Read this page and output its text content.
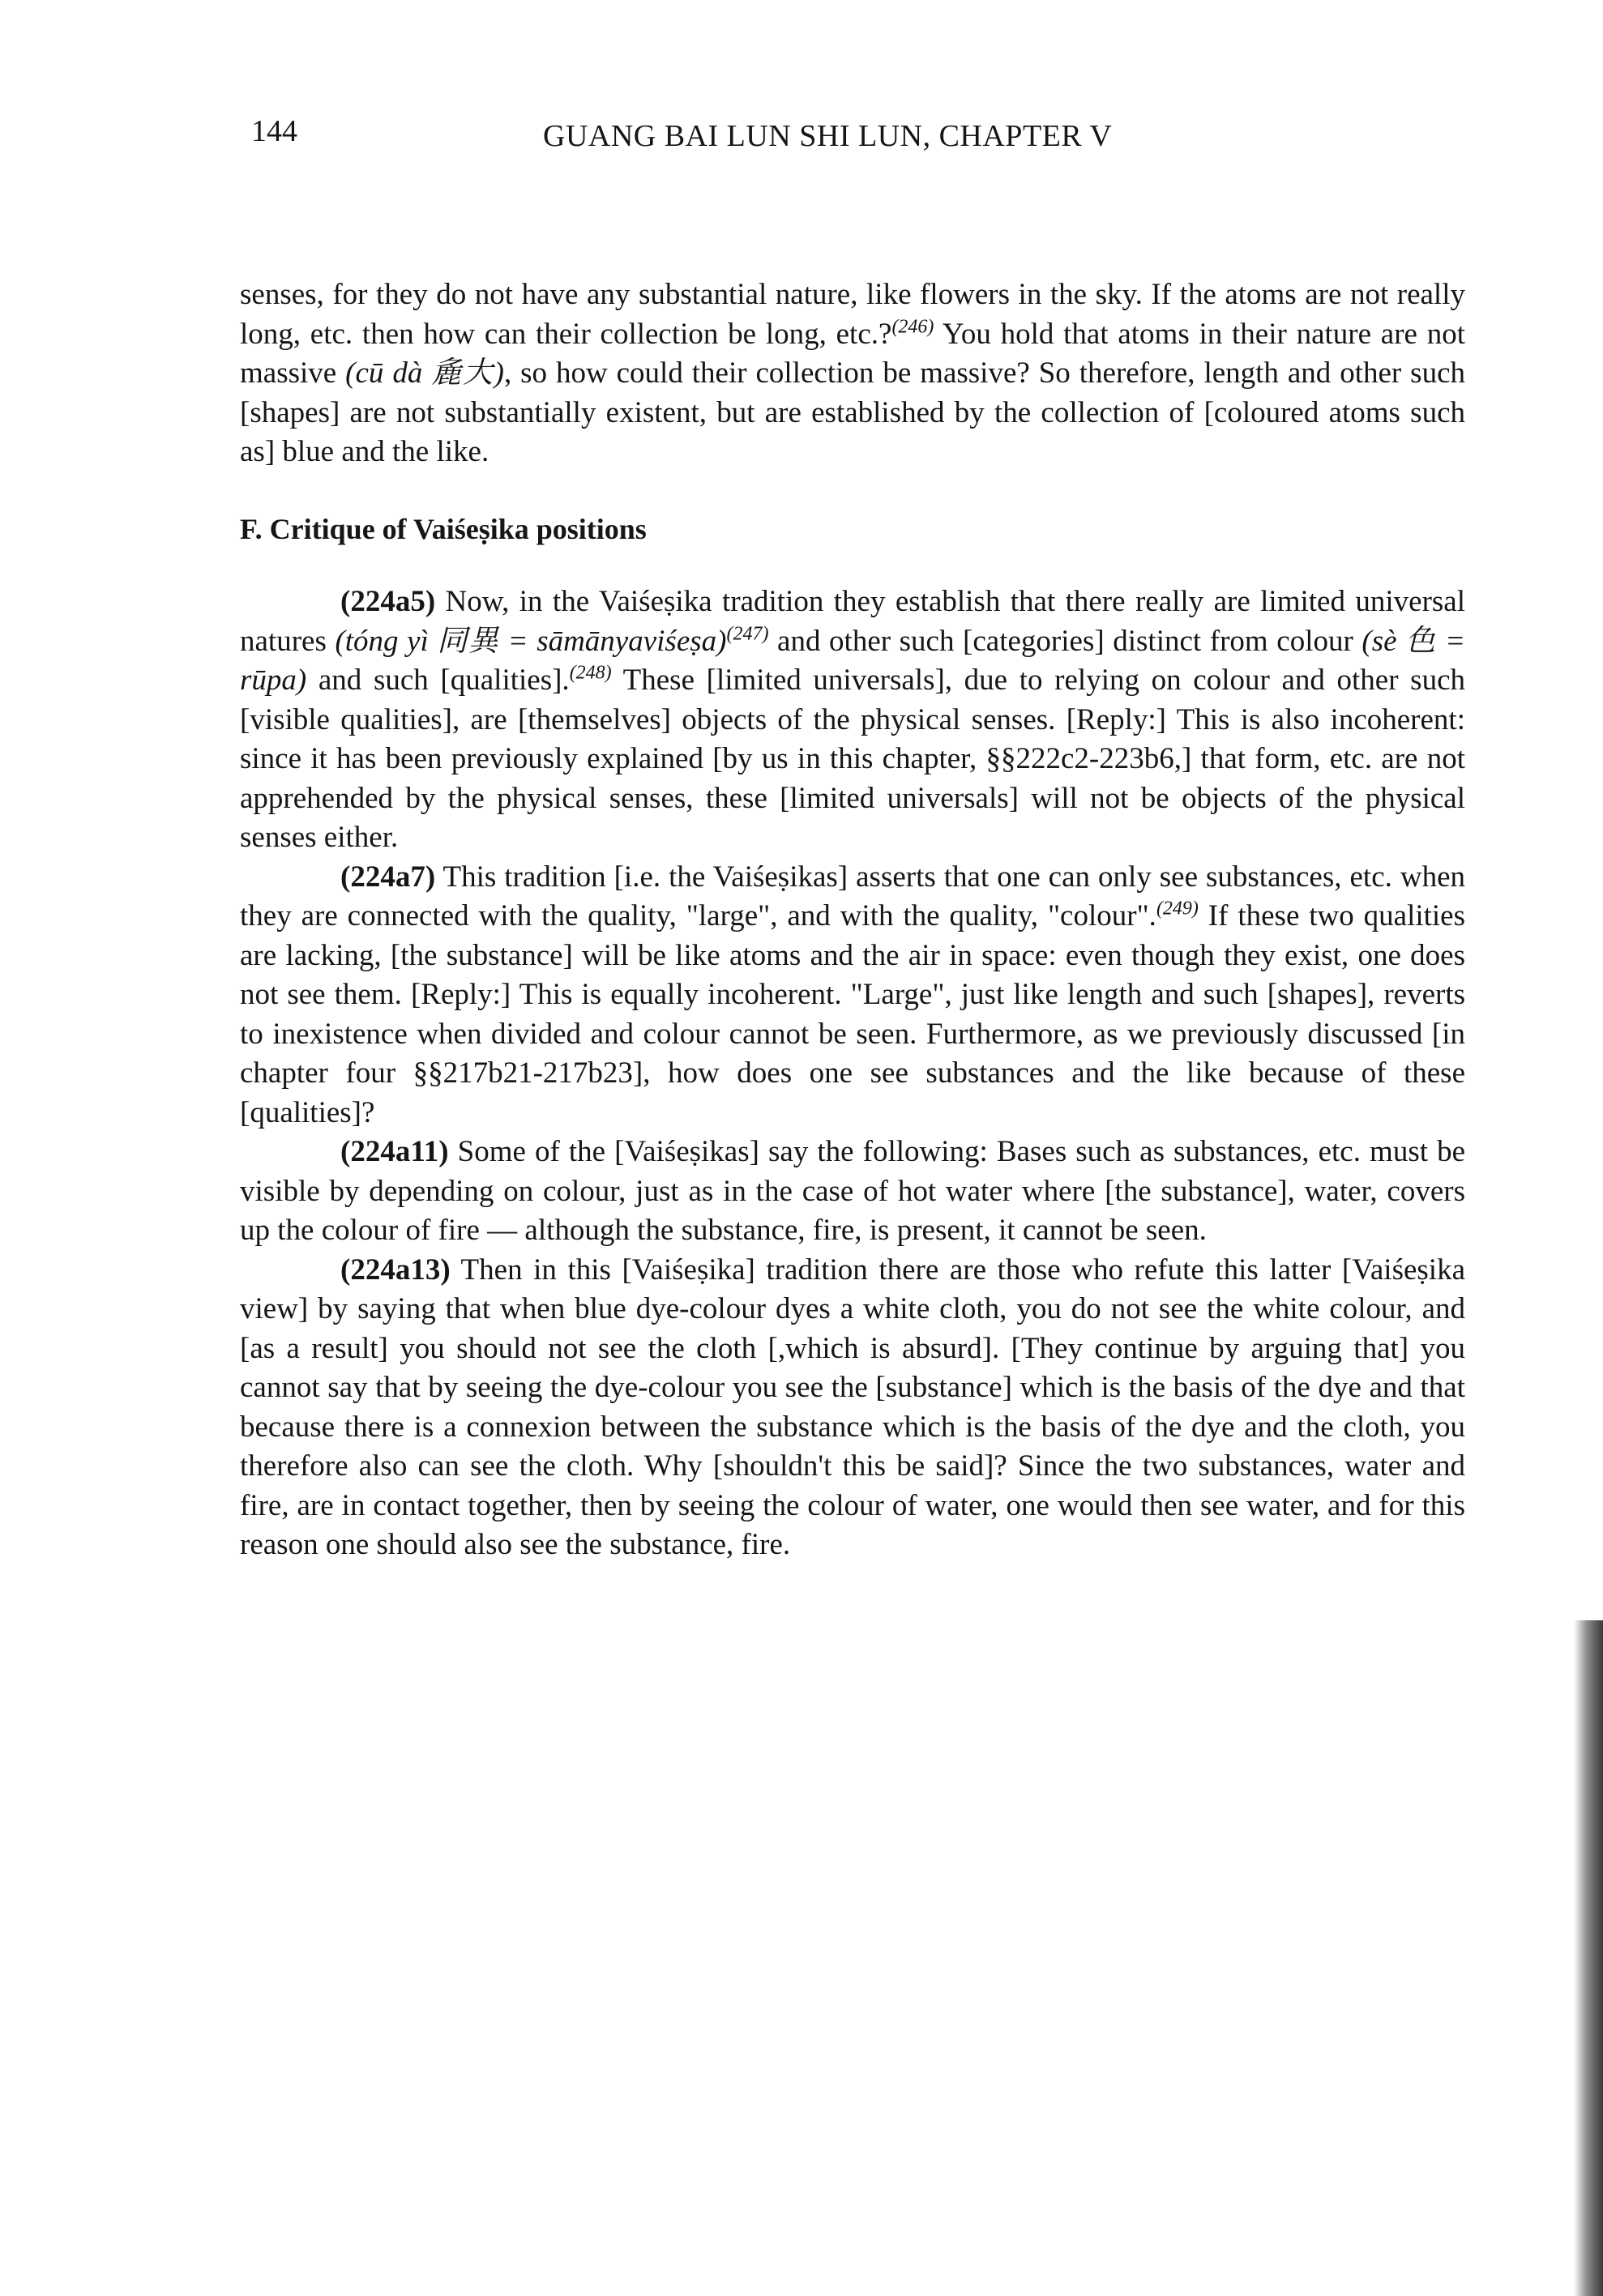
144	GUANG BAI LUN SHI LUN, CHAPTER V

senses, for they do not have any substantial nature, like flowers in the sky. If the atoms are not really long, etc. then how can their collection be long, etc.?$^{(246)}$ You hold that atoms in their nature are not massive (cū dà 麁大), so how could their collection be massive? So therefore, length and other such [shapes] are not substantially existent, but are established by the collection of [coloured atoms such as] blue and the like.

F. Critique of Vaiśeṣika positions

(224a5) Now, in the Vaiśeṣika tradition they establish that there really are limited universal natures (tóng yì 同異 = sāmānyaviśeṣa)$^{(247)}$ and other such [categories] distinct from colour (sè 色 = rūpa) and such [qualities].$^{(248)}$ These [limited universals], due to relying on colour and other such [visible qualities], are [themselves] objects of the physical senses. [Reply:] This is also incoherent: since it has been previously explained [by us in this chapter, §§222c2-223b6,] that form, etc. are not apprehended by the physical senses, these [limited universals] will not be objects of the physical senses either.

(224a7) This tradition [i.e. the Vaiśeṣikas] asserts that one can only see substances, etc. when they are connected with the quality, "large", and with the quality, "colour".$^{(249)}$ If these two qualities are lacking, [the substance] will be like atoms and the air in space: even though they exist, one does not see them. [Reply:] This is equally incoherent. "Large", just like length and such [shapes], reverts to inexistence when divided and colour cannot be seen. Furthermore, as we previously discussed [in chapter four §§217b21-217b23], how does one see substances and the like because of these [qualities]?

(224a11) Some of the [Vaiśeṣikas] say the following: Bases such as substances, etc. must be visible by depending on colour, just as in the case of hot water where [the substance], water, covers up the colour of fire — although the substance, fire, is present, it cannot be seen.

(224a13) Then in this [Vaiśeṣika] tradition there are those who refute this latter [Vaiśeṣika view] by saying that when blue dye-colour dyes a white cloth, you do not see the white colour, and [as a result] you should not see the cloth [,which is absurd]. [They continue by arguing that] you cannot say that by seeing the dye-colour you see the [substance] which is the basis of the dye and that because there is a connexion between the substance which is the basis of the dye and the cloth, you therefore also can see the cloth. Why [shouldn't this be said]? Since the two substances, water and fire, are in contact together, then by seeing the colour of water, one would then see water, and for this reason one should also see the substance, fire.
